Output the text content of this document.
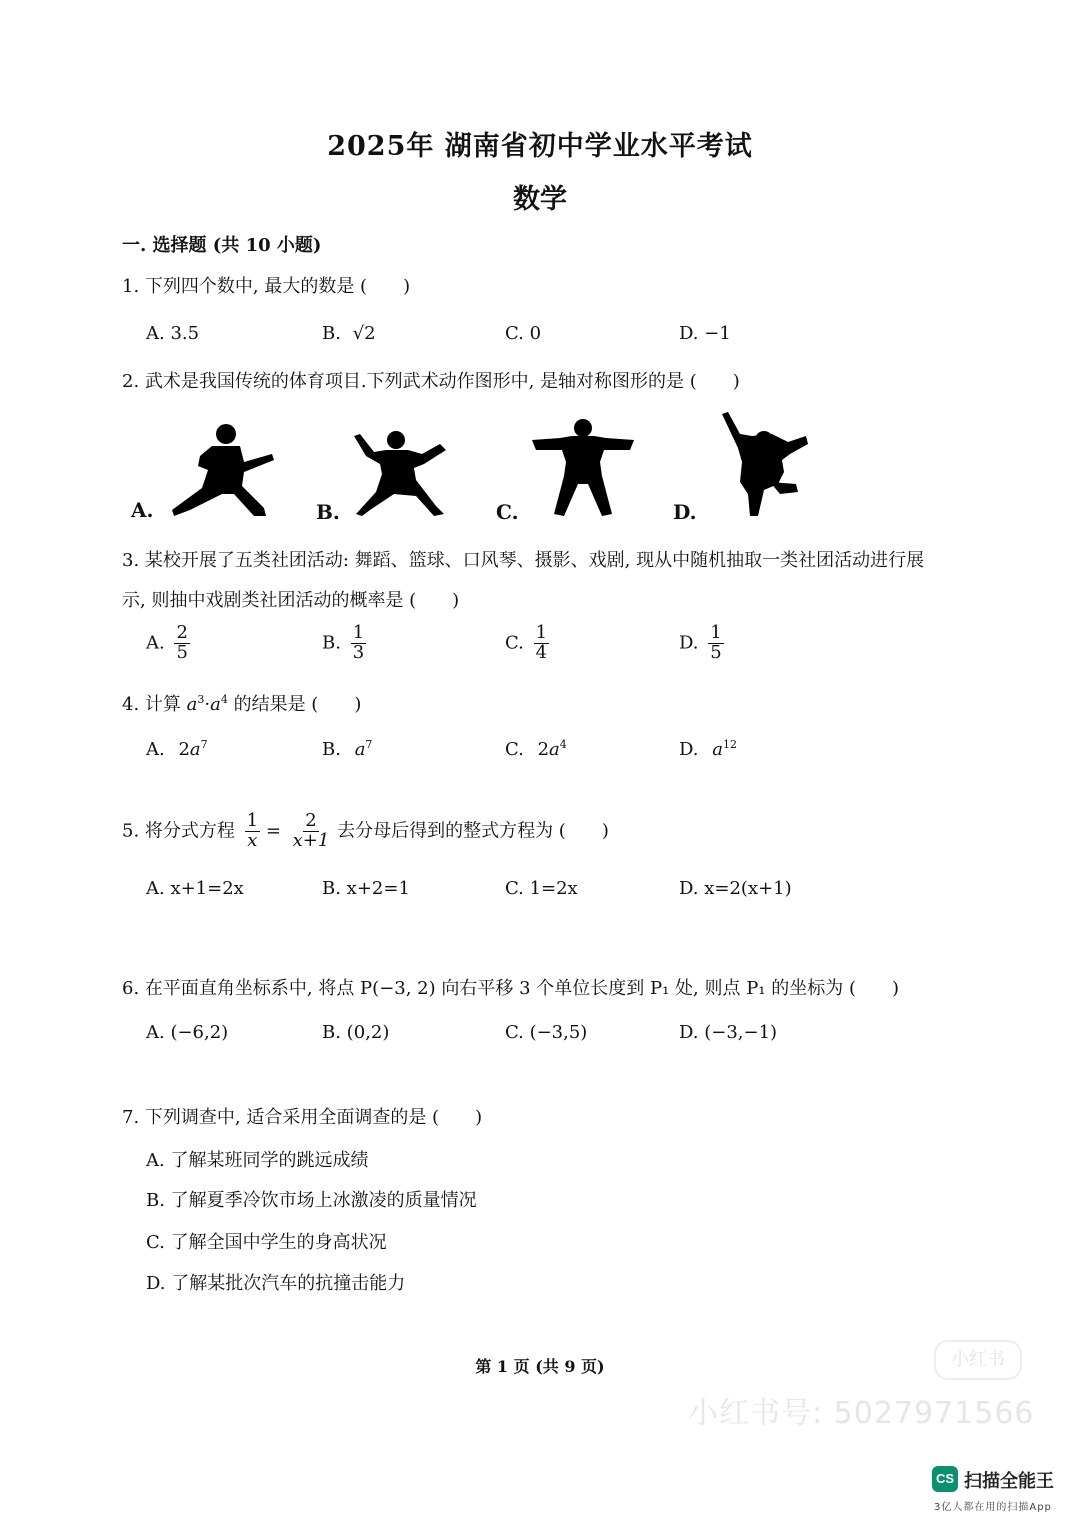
2025年 湖南省初中学业水平考试
数学
一. 选择题 (共 10 小题)
1. 下列四个数中, 最大的数是 (　　)
A. 3.5	B. √2	C. 0	D. −1
2. 武术是我国传统的体育项目.下列武术动作图形中, 是轴对称图形的是 (　　)
A.	B.	C.	D.
3. 某校开展了五类社团活动: 舞蹈、篮球、口风琴、摄影、戏剧, 现从中随机抽取一类社团活动进行展
示, 则抽中戏剧类社团活动的概率是 (　　)
A. $\frac{2}{5}$	B. $\frac{1}{3}$	C. $\frac{1}{4}$	D. $\frac{1}{5}$
4. 计算 $a^3\cdot a^4$ 的结果是 (　　)
A. $2a^7$	B. $a^7$	C. $2a^4$	D. $a^{12}$
5. 将分式方程 $\frac{1}{x} = \frac{2}{x+1}$ 去分母后得到的整式方程为 (　　)
A. x+1=2x	B. x+2=1	C. 1=2x	D. x=2(x+1)
6. 在平面直角坐标系中, 将点 P(−3, 2) 向右平移 3 个单位长度到 P₁ 处, 则点 P₁ 的坐标为 (　　)
A. (−6,2)	B. (0,2)	C. (−3,5)	D. (−3,−1)
7. 下列调查中, 适合采用全面调查的是 (　　)
A. 了解某班同学的跳远成绩
B. 了解夏季冷饮市场上冰激凌的质量情况
C. 了解全国中学生的身高状况
D. 了解某批次汽车的抗撞击能力
第 1 页 (共 9 页)	小红书
小红书号: 5027971566
CS 扫描全能王
3亿人都在用的扫描App
